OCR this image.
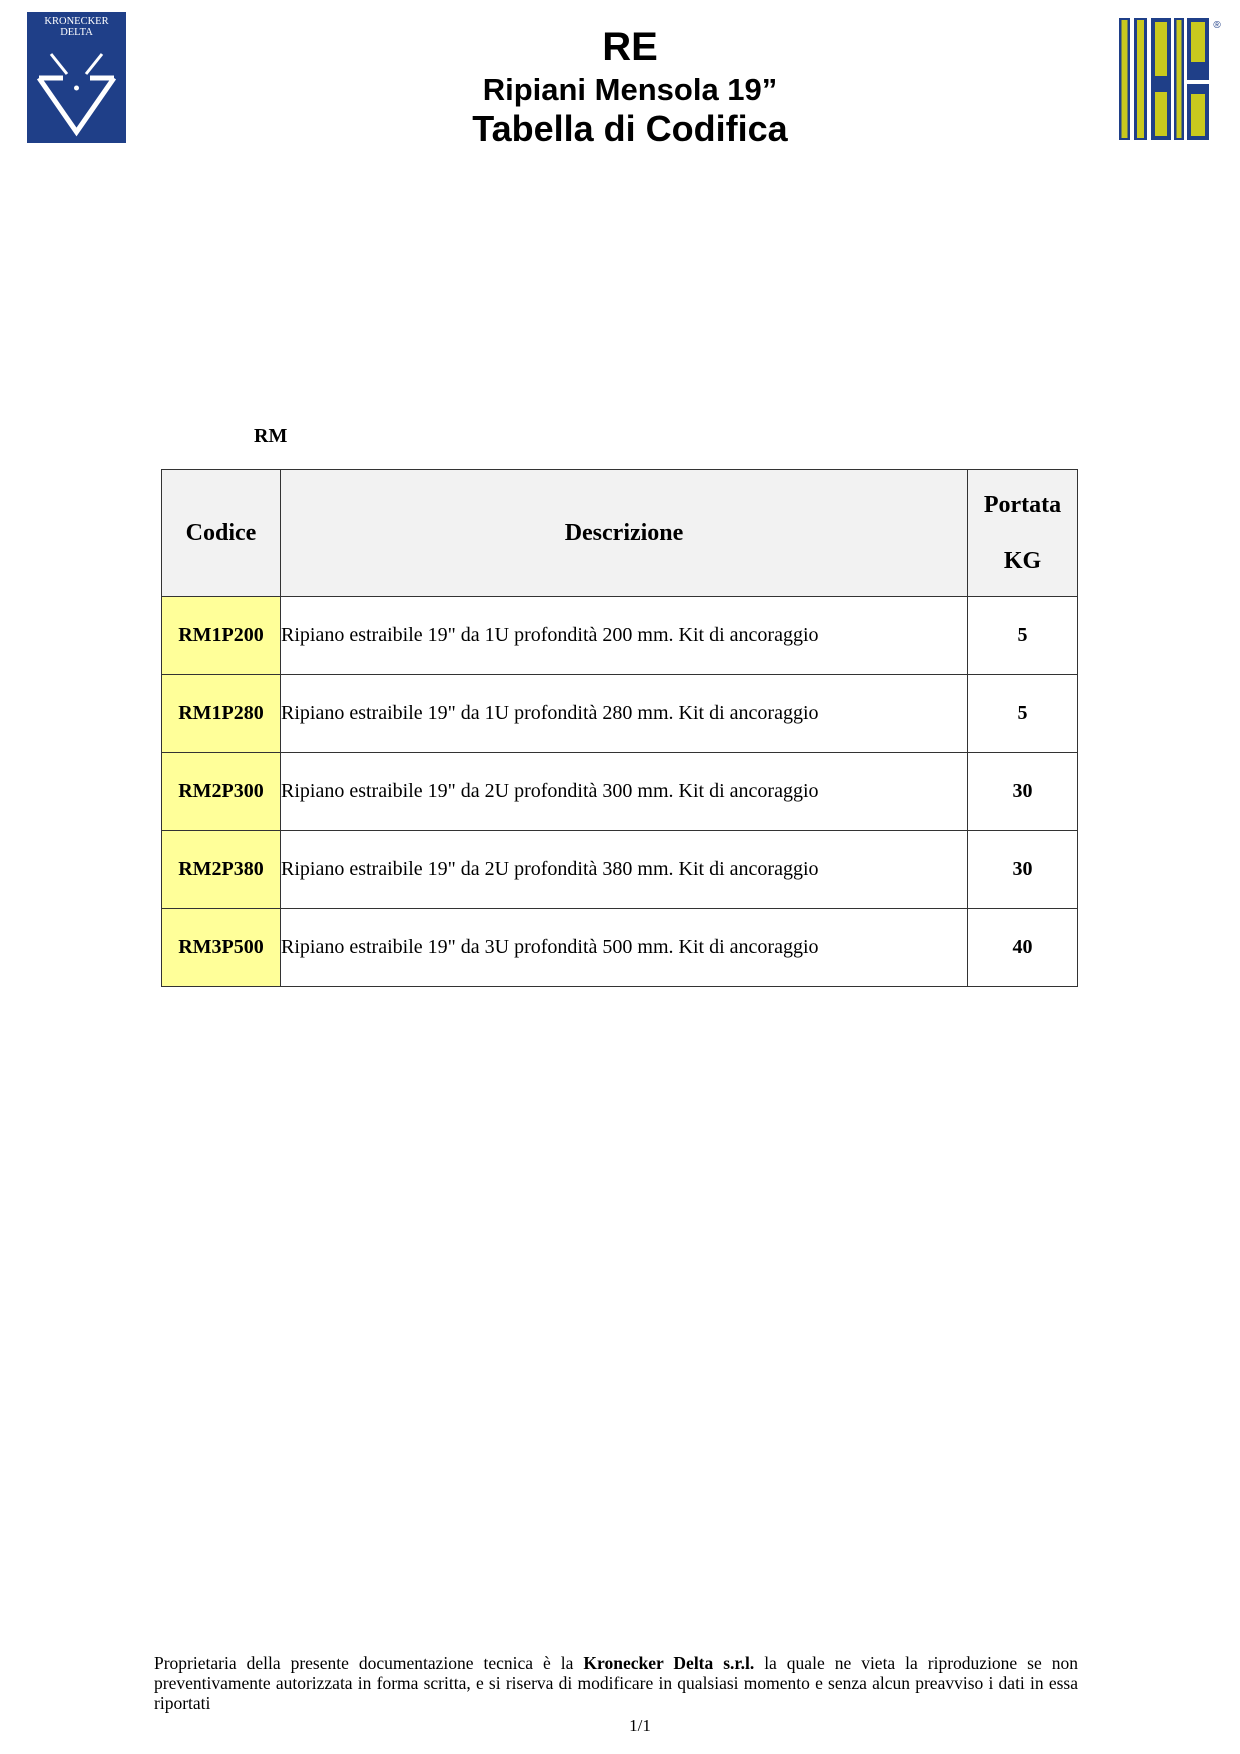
KRONECKER
DELTA
®
RE
Ripiani Mensola 19”
Tabella di Codifica
RM
Codice	Descrizione	Portata
KG
RM1P200	Ripiano estraibile 19" da 1U profondità 200 mm. Kit di ancoraggio	5
RM1P280	Ripiano estraibile 19" da 1U profondità 280 mm. Kit di ancoraggio	5
RM2P300	Ripiano estraibile 19" da 2U profondità 300 mm. Kit di ancoraggio	30
RM2P380	Ripiano estraibile 19" da 2U profondità 380 mm. Kit di ancoraggio	30
RM3P500	Ripiano estraibile 19" da 3U profondità 500 mm. Kit di ancoraggio	40
Proprietaria della presente documentazione tecnica è la Kronecker Delta s.r.l. la quale ne vieta la riproduzione se non preventivamente autorizzata in forma scritta, e si riserva di modificare in qualsiasi momento e senza alcun preavviso i dati in essa riportati
1/1
